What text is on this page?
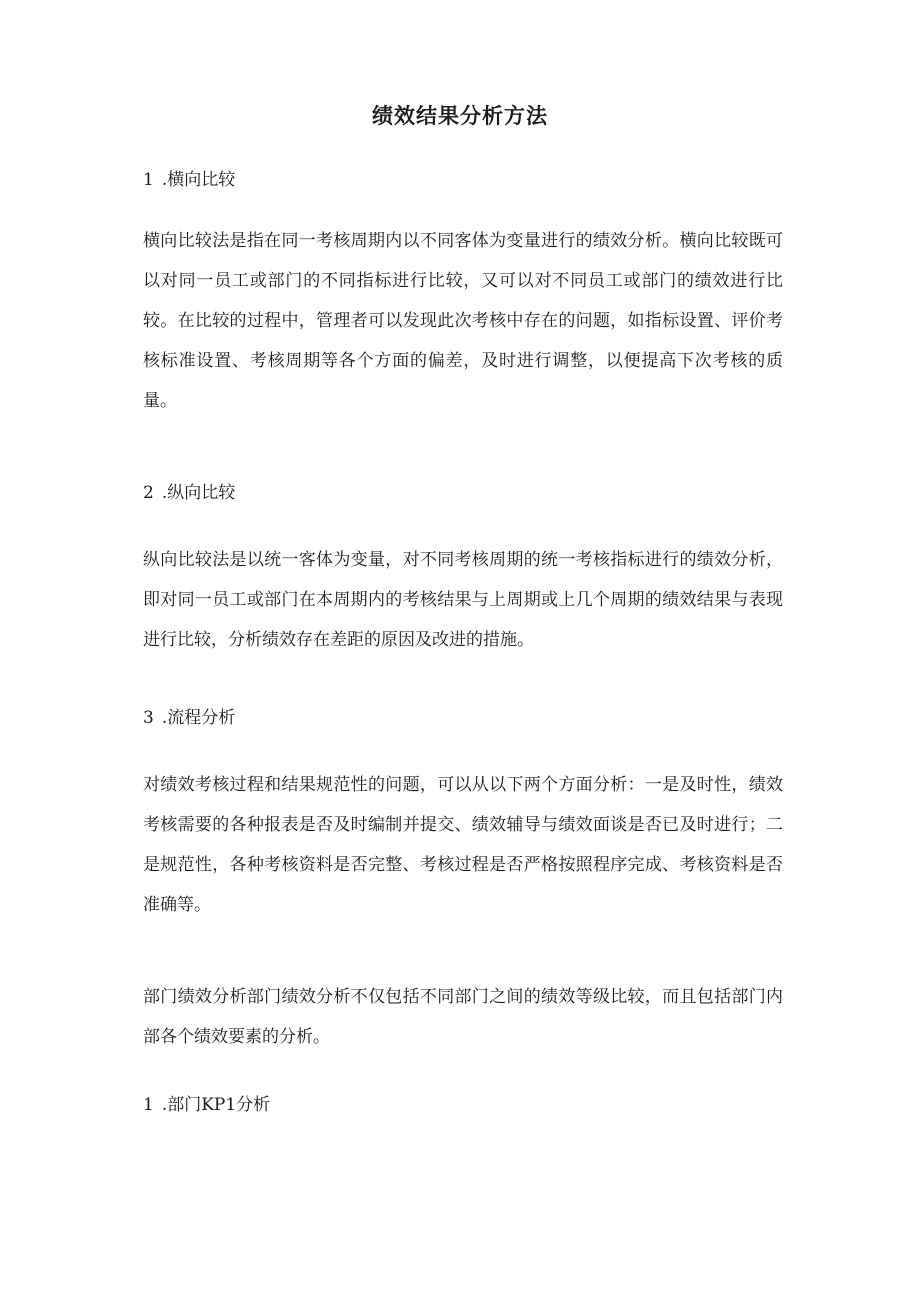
绩效结果分析方法
1 .横向比较

横向比较法是指在同一考核周期内以不同客体为变量进行的绩效分析。横向比较既可以对同一员工或部门的不同指标进行比较，又可以对不同员工或部门的绩效进行比较。在比较的过程中，管理者可以发现此次考核中存在的问题，如指标设置、评价考核标准设置、考核周期等各个方面的偏差，及时进行调整，以便提高下次考核的质量。

2 .纵向比较

纵向比较法是以统一客体为变量，对不同考核周期的统一考核指标进行的绩效分析，即对同一员工或部门在本周期内的考核结果与上周期或上几个周期的绩效结果与表现进行比较，分析绩效存在差距的原因及改进的措施。

3 .流程分析

对绩效考核过程和结果规范性的问题，可以从以下两个方面分析：一是及时性，绩效考核需要的各种报表是否及时编制并提交、绩效辅导与绩效面谈是否已及时进行；二是规范性，各种考核资料是否完整、考核过程是否严格按照程序完成、考核资料是否准确等。

部门绩效分析部门绩效分析不仅包括不同部门之间的绩效等级比较，而且包括部门内部各个绩效要素的分析。

1 .部门KP1分析
